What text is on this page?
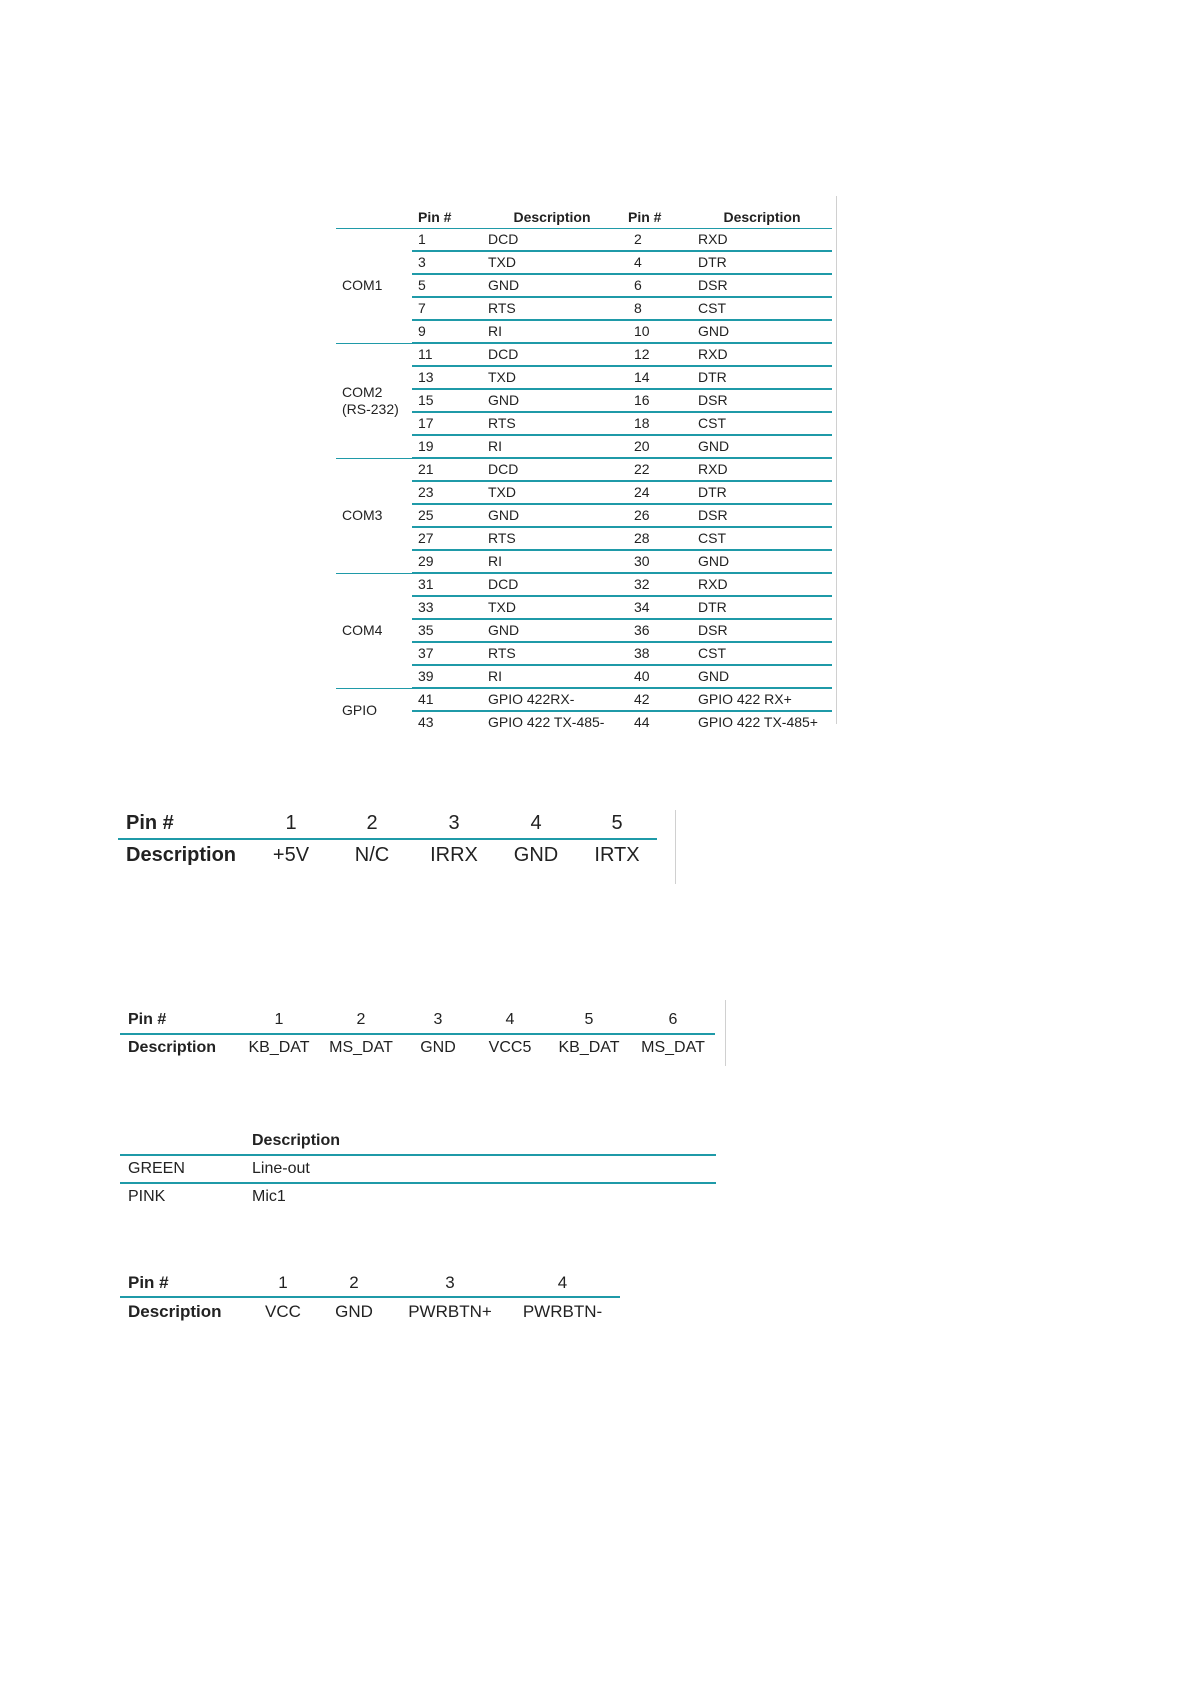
	Pin #	Description	Pin #	Description
COM1	1	DCD	2	RXD
	3	TXD	4	DTR
	5	GND	6	DSR
	7	RTS	8	CST
	9	RI	10	GND
COM2
(RS-232)	11	DCD	12	RXD
	13	TXD	14	DTR
	15	GND	16	DSR
	17	RTS	18	CST
	19	RI	20	GND
COM3	21	DCD	22	RXD
	23	TXD	24	DTR
	25	GND	26	DSR
	27	RTS	28	CST
	29	RI	30	GND
COM4	31	DCD	32	RXD
	33	TXD	34	DTR
	35	GND	36	DSR
	37	RTS	38	CST
	39	RI	40	GND
GPIO	41	GPIO 422RX-	42	GPIO 422 RX+
	43	GPIO 422 TX-485-	44	GPIO 422 TX-485+
Pin #	1	2	3	4	5
Description	+5V	N/C	IRRX	GND	IRTX
Pin #	1	2	3	4	5	6
Description	KB_DAT	MS_DAT	GND	VCC5	KB_DAT	MS_DAT
	Description
GREEN	Line-out
PINK	Mic1
Pin #	1	2	3	4
Description	VCC	GND	PWRBTN+	PWRBTN-
